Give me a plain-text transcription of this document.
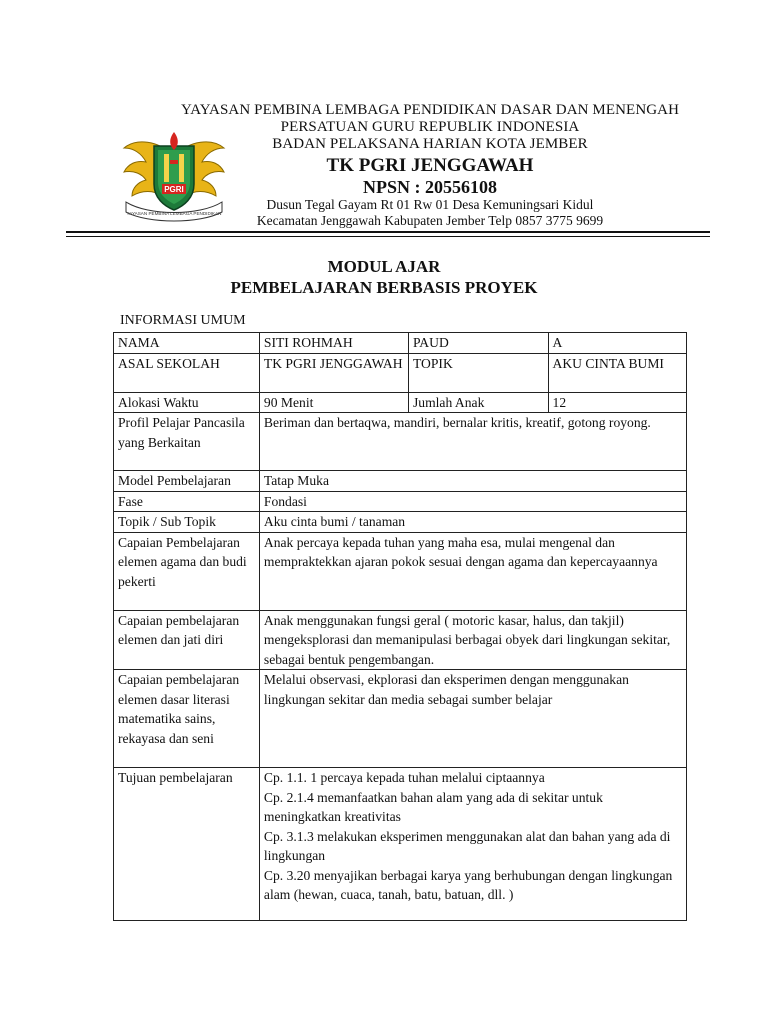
PGRI
YAYASAN PEMBINA LEMBAGA PENDIDIKAN
YAYASAN PEMBINA LEMBAGA PENDIDIKAN DASAR DAN MENENGAH
PERSATUAN GURU REPUBLIK INDONESIA
BADAN PELAKSANA HARIAN KOTA JEMBER
TK PGRI JENGGAWAH
NPSN : 20556108
Dusun Tegal Gayam Rt 01 Rw 01 Desa Kemuningsari Kidul
Kecamatan Jenggawah Kabupaten Jember Telp 0857 3775 9699
MODUL AJAR
PEMBELAJARAN BERBASIS PROYEK
INFORMASI UMUM
NAMA	SITI ROHMAH	PAUD	A
ASAL SEKOLAH	TK PGRI JENGGAWAH	TOPIK	AKU CINTA BUMI
Alokasi Waktu	90 Menit	Jumlah Anak	12
Profil Pelajar Pancasila yang Berkaitan	Beriman dan bertaqwa, mandiri, bernalar kritis, kreatif, gotong royong.		
Model Pembelajaran	Tatap Muka		
Fase	Fondasi		
Topik / Sub Topik	Aku cinta bumi / tanaman		
Capaian Pembelajaran elemen agama dan budi pekerti	Anak percaya kepada tuhan yang maha esa, mulai mengenal dan mempraktekkan ajaran pokok sesuai dengan agama dan kepercayaannya		
Capaian pembelajaran elemen dan jati diri	Anak menggunakan fungsi geral ( motoric kasar, halus, dan takjil) mengeksplorasi dan memanipulasi berbagai obyek dari lingkungan sekitar, sebagai bentuk pengembangan.		
Capaian pembelajaran elemen dasar literasi matematika sains, rekayasa dan seni	Melalui observasi, ekplorasi dan eksperimen dengan menggunakan lingkungan sekitar dan media sebagai sumber belajar		
Tujuan pembelajaran	Cp. 1.1. 1 percaya kepada tuhan melalui ciptaannya
Cp. 2.1.4 memanfaatkan bahan alam yang ada di sekitar untuk meningkatkan kreativitas
Cp. 3.1.3 melakukan eksperimen menggunakan alat dan bahan yang ada di lingkungan
Cp. 3.20 menyajikan berbagai karya yang berhubungan dengan lingkungan alam (hewan, cuaca, tanah, batu, batuan, dll. )		
